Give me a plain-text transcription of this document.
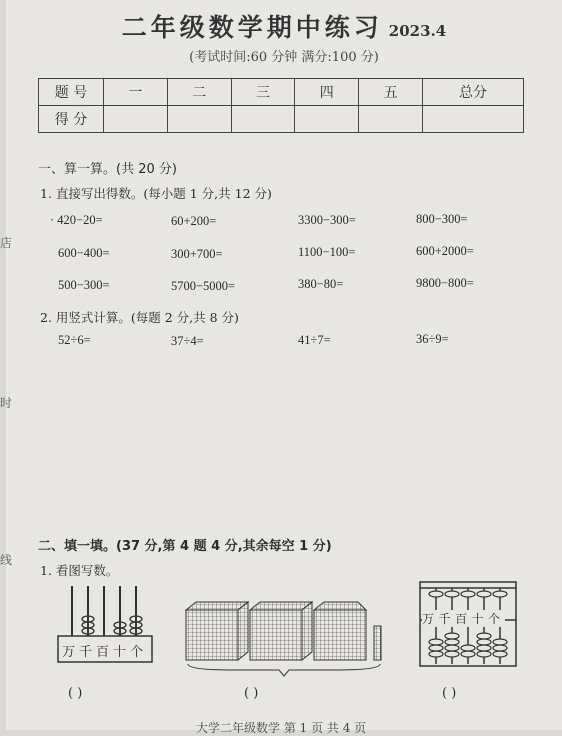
二年级数学期中练习 2023.4
(考试时间:60 分钟 满分:100 分)
题 号	一	二	三	四	五	总分
得 分						
一、算一算。(共 20 分)
1. 直接写出得数。(每小题 1 分,共 12 分)
· 420−20=	60+200=	3300−300=	800−300=
600−400=	300+700=	1100−100=	600+2000=
500−300=	5700−5000=	380−80=	9800−800=
2. 用竖式计算。(每题 2 分,共 8 分)
52÷6=	37÷4=	41÷7=	36÷9=
二、填一填。(37 分,第 4 题 4 分,其余每空 1 分)
1. 看图写数。
万千百十个
万千百十个
( )	( )	( )
大学二年级数学 第 1 页 共 4 页
店
时
线
